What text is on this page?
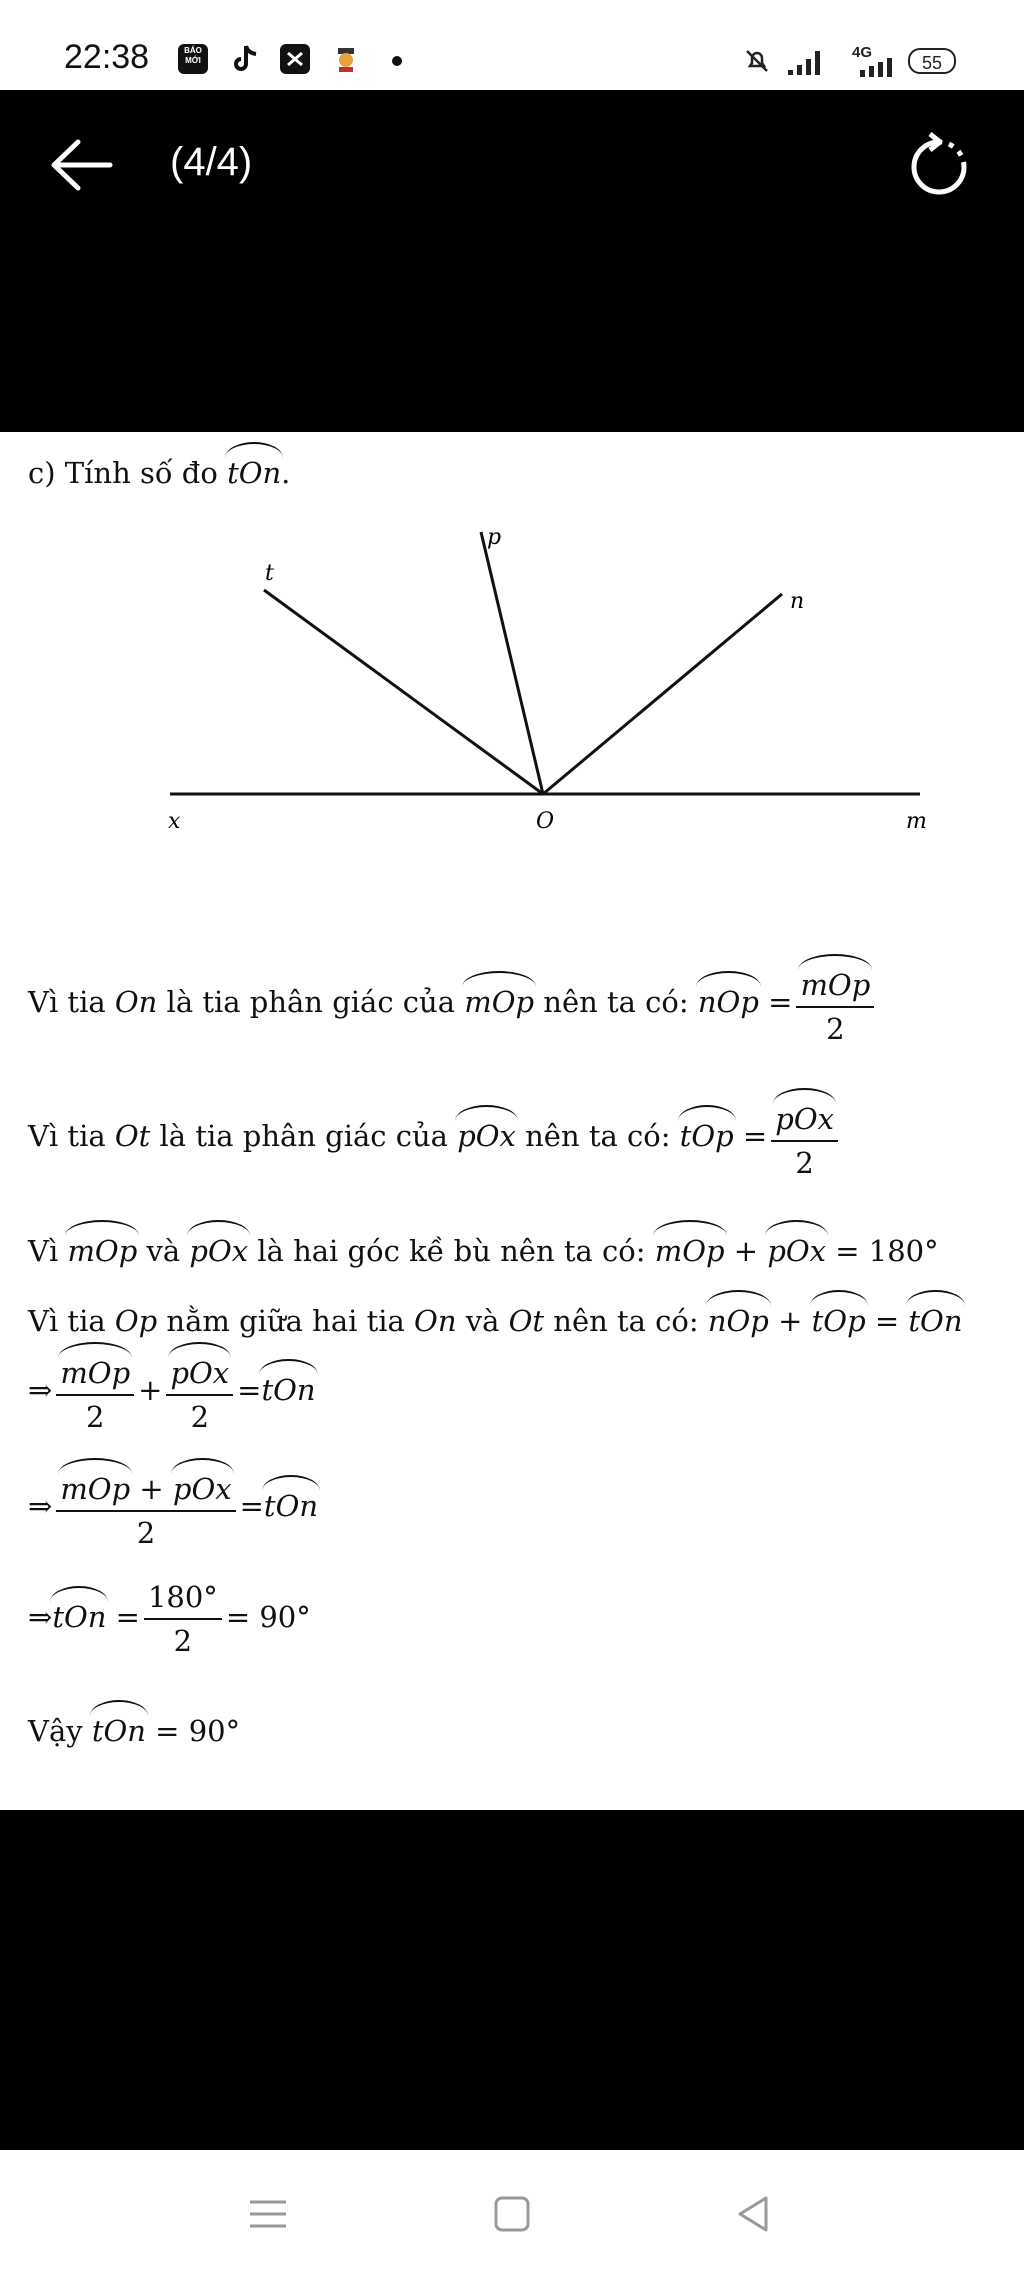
22:38	BÁO MỚI	4G
55
(4/4)
c) Tính số đo tOn.
x	O	m
t
p
n
Vì tia On là tia phân giác của mOp nên ta có: nOp = $\frac{\text{mOp}}{2}$
Vì tia Ot là tia phân giác của pOx nên ta có: tOp = $\frac{\text{pOx}}{2}$
Vì mOp và pOx là hai góc kề bù nên ta có: mOp + pOx = 180°
Vì tia Op nằm giữa hai tia On và Ot nên ta có: nOp + tOp = tOn
⇒ $\frac{\text{mOp}}{2} + \frac{\text{pOx}}{2} =tOn$
⇒ $\frac{\text{mOp + pOx}}{2} =tOn$
⇒tOn = $\frac{180^\circ}{2} = 90^\circ$
Vậy tOn = 90°
